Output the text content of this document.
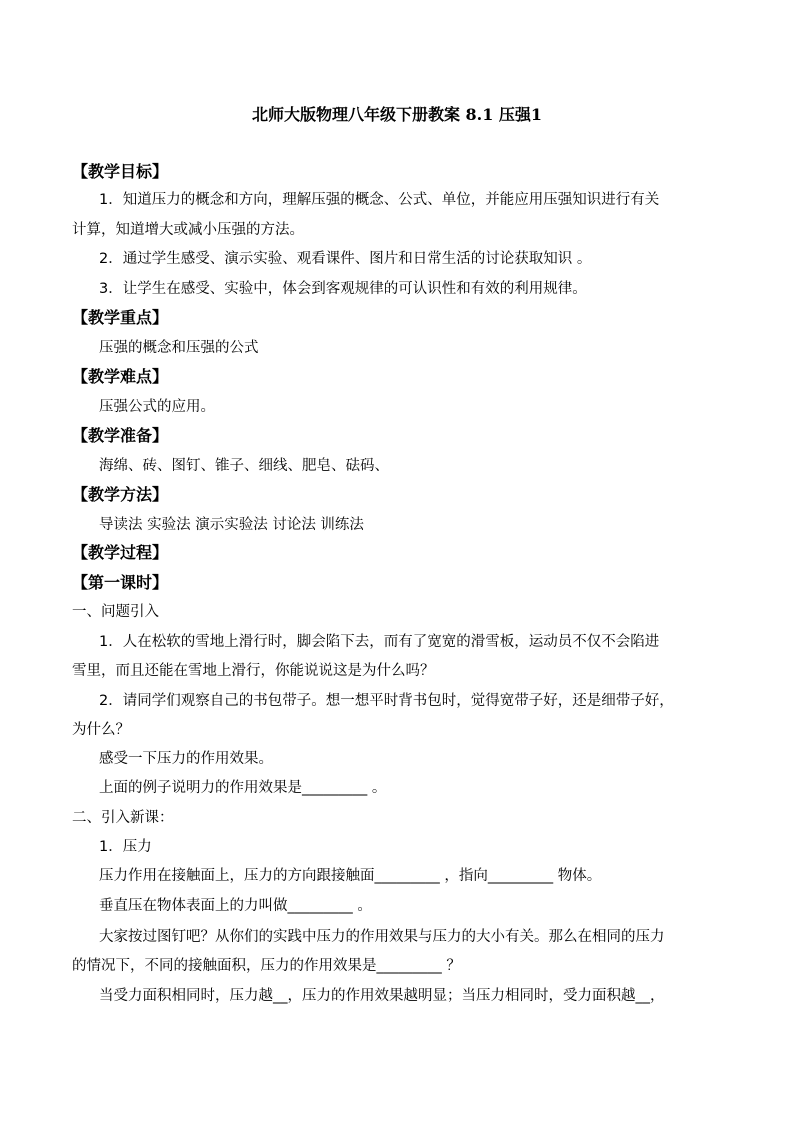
北师大版物理八年级下册教案 8.1 压强1
【教学目标】
1．知道压力的概念和方向，理解压强的概念、公式、单位，并能应用压强知识进行有关
计算，知道增大或减小压强的方法。
2．通过学生感受、演示实验、观看课件、图片和日常生活的讨论获取知识 。
3．让学生在感受、实验中，体会到客观规律的可认识性和有效的利用规律。
【教学重点】
压强的概念和压强的公式
【教学难点】
压强公式的应用。
【教学准备】
海绵、砖、图钉、锥子、细线、肥皂、砝码、
【教学方法】
导读法 实验法 演示实验法 讨论法 训练法
【教学过程】
【第一课时】
一、问题引入
1．人在松软的雪地上滑行时，脚会陷下去，而有了宽宽的滑雪板，运动员不仅不会陷进
雪里，而且还能在雪地上滑行，你能说说这是为什么吗？
2．请同学们观察自己的书包带子。想一想平时背书包时，觉得宽带子好，还是细带子好，
为什么？
感受一下压力的作用效果。
上面的例子说明力的作用效果是_________ 。
二、引入新课：
1．压力
压力作用在接触面上，压力的方向跟接触面_________ ，指向_________ 物体。
垂直压在物体表面上的力叫做_________ 。
大家按过图钉吧？从你们的实践中压力的作用效果与压力的大小有关。那么在相同的压力
的情况下，不同的接触面积，压力的作用效果是_________ ？
当受力面积相同时，压力越__，压力的作用效果越明显；当压力相同时，受力面积越__，
